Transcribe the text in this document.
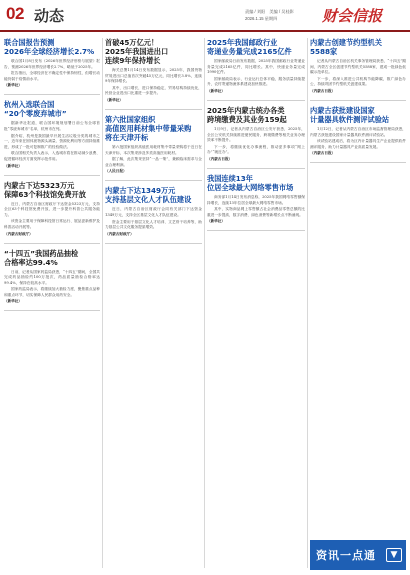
02 动态	责编 / 刘阳　美编 / 吴桂影
2026.1.15 星期四	财会信报
联合国报告预测
2026年全球经济增长2.7%

联合国1月8日发布《2026年世界经济形势与展望》报告，预测2026年世界经济增长2.7%，略低于2025年。

报告指出，全球经济在不确定性中保持韧性，但增长动能仍弱于疫情前水平。

（新华社）
杭州入选联合国
“20个零废弃城市”

据新华社报道，联合国环境规划署日前公布全球首批“零废弃城市”名单，杭州市在列。

据介绍，杭州是我国最早开展生活垃圾分类的城市之一，近年来在固体废物源头减量、资源化利用等方面持续推进，形成了一批可复制推广的经验做法。

联合国相关负责人表示，入选城市将在推动减少浪费、促进循环经济方面发挥示范作用。

（新华社）
内蒙古下达5323万元
保障63个科技馆免费开放

近日，内蒙古自治区财政厅下达资金5323万元，支持全区63个科技馆免费开放，进一步提升科普公共服务能力。

该资金主要用于保障科技馆日常运行、展品更新维护及科普活动开展等。

（内蒙古财政厅）
“十四五”我国药品抽检
合格率达99.4%

日前，记者从国家药监局获悉，“十四五”期间，全国共完成药品抽检约100万批次，药品质量抽检合格率达99.4%，保持在较高水平。

国家药监局表示，将继续加大抽检力度，聚焦重点品种和重点环节，切实保障人民群众用药安全。

（新华社）
首破45万亿元！
2025年我国进出口
连续9年保持增长

海关总署1月14日发布数据显示，2025年，我国货物贸易进出口总值首次突破45万亿元，同比增长3.8%，连续9年保持增长。

其中，出口增长，进口保持稳定，贸易结构持续优化，民营企业进出口比重进一步提升。

（新华社）
第六批国家组织
高值医用耗材集中带量采购
将在天津开标

第六批国家组织高值医用耗材集中带量采购将于近日在天津开标，本次集采涉及多类高值医用耗材。

据了解，此次集采坚持“一品一策”，兼顾临床需求与企业合理利润。

（人民日报）
内蒙古下达1349万元
支持基层文化人才队伍建设

近日，内蒙古自治区财政厅会同有关部门下达资金1349万元，支持全区基层文化人才队伍建设。

资金主要用于基层文化人才培训、文艺骨干培养等，助力基层公共文化服务提质增效。

（内蒙古财政厅）
2025年我国邮政行业
寄递业务量完成2165亿件

国家邮政局日前发布数据，2025年我国邮政行业寄递业务量完成2165亿件，同比增长。其中，快递业务量完成1990亿件。

国家邮政局表示，行业运行总体平稳，服务质量持续提升，农村寄递物流体系建设加快推进。

（新华社）
2025年内蒙古统办各类
跨境缴费及其业务159起

1月9日，记者从内蒙古自治区公安厅获悉，2025年，全区公安机关持续推进便民服务，跨境缴费等相关业务办理效率不断提升。

下一步，将继续优化办事流程，推动更多事项“网上办”“就近办”。

（内蒙古日报）
我国连续13年
位居全球最大网络零售市场

商务部1月14日发布消息称，2025年我国网络零售额保持增长，连续13年位居全球最大网络零售市场。

其中，实物商品网上零售额占社会消费品零售总额的比重进一步提高，数字消费、绿色消费等新增长点不断涌现。

（新华社）
内蒙古创建节约型机关
5588家

记者从内蒙古自治区机关事务管理局获悉，“十四五”期间，内蒙古全区创建节约型机关5588家，建成一批绿色低碳示范单位。

下一步，将深入推进公共机构节能降碳，推广绿色办公，持续巩固节约型机关创建成果。

（内蒙古日报）
内蒙古获批建设国家
计量器具软件测评试验站

1月12日，记者从内蒙古自治区市场监督管理局获悉，内蒙古获批建设国家计量器具软件测评试验站。

该试验站建成后，将为区内计量器具生产企业提供软件测评服务，助力计量器具产业高质量发展。

（内蒙古日报）
资讯一点通	▼
